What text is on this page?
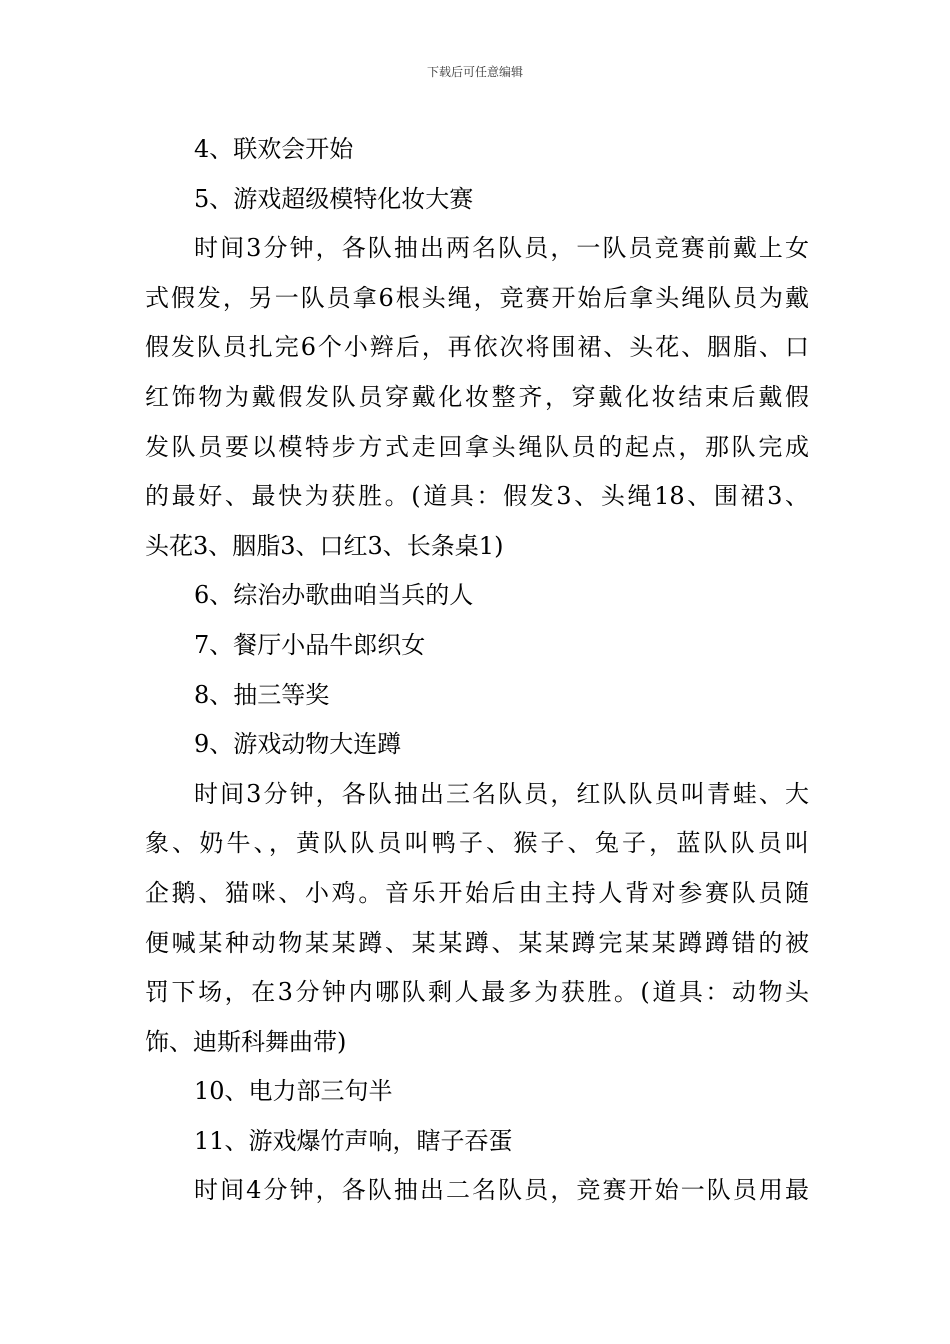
下载后可任意编辑
4、联欢会开始
5、游戏超级模特化妆大赛
时间3分钟，各队抽出两名队员，一队员竞赛前戴上女
式假发，另一队员拿6根头绳，竞赛开始后拿头绳队员为戴
假发队员扎完6个小辫后，再依次将围裙、头花、胭脂、口
红饰物为戴假发队员穿戴化妆整齐，穿戴化妆结束后戴假
发队员要以模特步方式走回拿头绳队员的起点，那队完成
的最好、最快为获胜。(道具：假发3、头绳18、围裙3、
头花3、胭脂3、口红3、长条桌1)
6、综治办歌曲咱当兵的人
7、餐厅小品牛郎织女
8、抽三等奖
9、游戏动物大连蹲
时间3分钟，各队抽出三名队员，红队队员叫青蛙、大
象、奶牛、，黄队队员叫鸭子、猴子、兔子，蓝队队员叫
企鹅、猫咪、小鸡。音乐开始后由主持人背对参赛队员随
便喊某种动物某某蹲、某某蹲、某某蹲完某某蹲蹲错的被
罚下场，在3分钟内哪队剩人最多为获胜。(道具：动物头
饰、迪斯科舞曲带)
10、电力部三句半
11、游戏爆竹声响，瞎子吞蛋
时间4分钟，各队抽出二名队员，竞赛开始一队员用最
